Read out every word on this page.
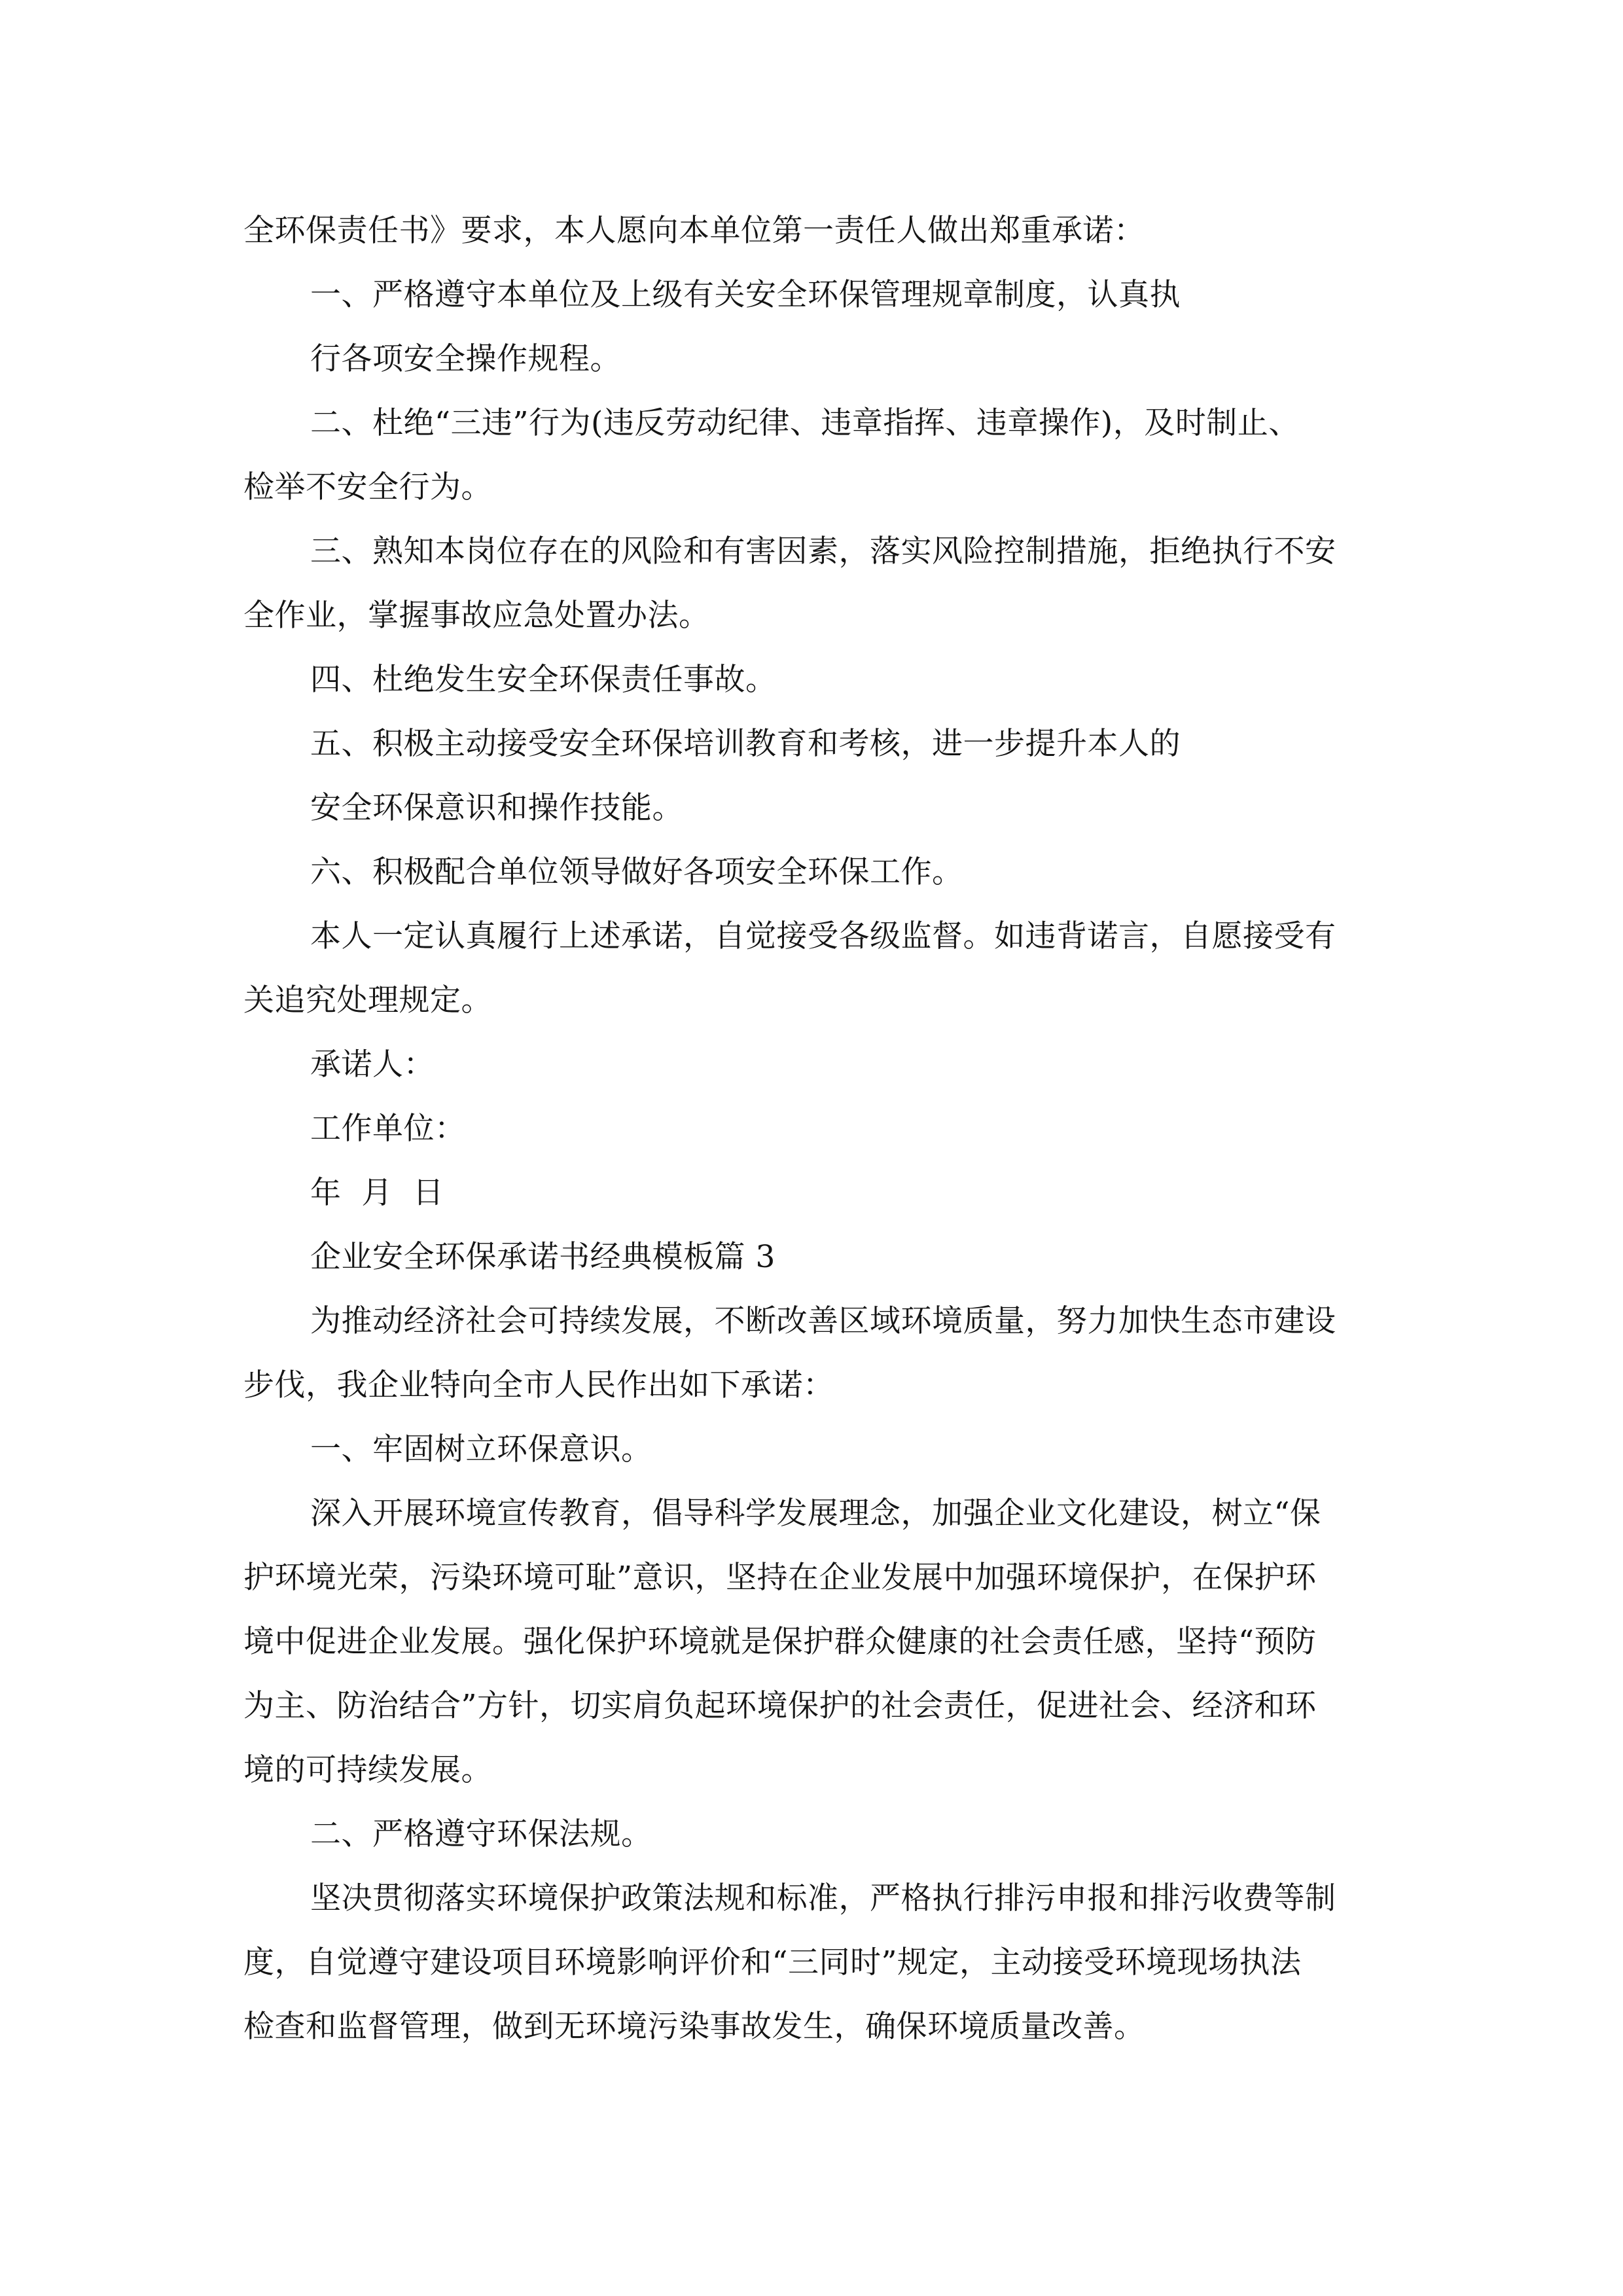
全环保责任书》要求，本人愿向本单位第一责任人做出郑重承诺：
一、严格遵守本单位及上级有关安全环保管理规章制度，认真执
行各项安全操作规程。
二、杜绝“三违”行为(违反劳动纪律、违章指挥、违章操作)，及时制止、
检举不安全行为。
三、熟知本岗位存在的风险和有害因素，落实风险控制措施，拒绝执行不安
全作业，掌握事故应急处置办法。
四、杜绝发生安全环保责任事故。
五、积极主动接受安全环保培训教育和考核，进一步提升本人的
安全环保意识和操作技能。
六、积极配合单位领导做好各项安全环保工作。
本人一定认真履行上述承诺，自觉接受各级监督。如违背诺言，自愿接受有
关追究处理规定。
承诺人：
工作单位：
年  月  日
企业安全环保承诺书经典模板篇 3
为推动经济社会可持续发展，不断改善区域环境质量，努力加快生态市建设
步伐，我企业特向全市人民作出如下承诺：
一、牢固树立环保意识。
深入开展环境宣传教育，倡导科学发展理念，加强企业文化建设，树立“保
护环境光荣，污染环境可耻”意识，坚持在企业发展中加强环境保护，在保护环
境中促进企业发展。强化保护环境就是保护群众健康的社会责任感，坚持“预防
为主、防治结合”方针，切实肩负起环境保护的社会责任，促进社会、经济和环
境的可持续发展。
二、严格遵守环保法规。
坚决贯彻落实环境保护政策法规和标准，严格执行排污申报和排污收费等制
度，自觉遵守建设项目环境影响评价和“三同时”规定，主动接受环境现场执法
检查和监督管理，做到无环境污染事故发生，确保环境质量改善。
